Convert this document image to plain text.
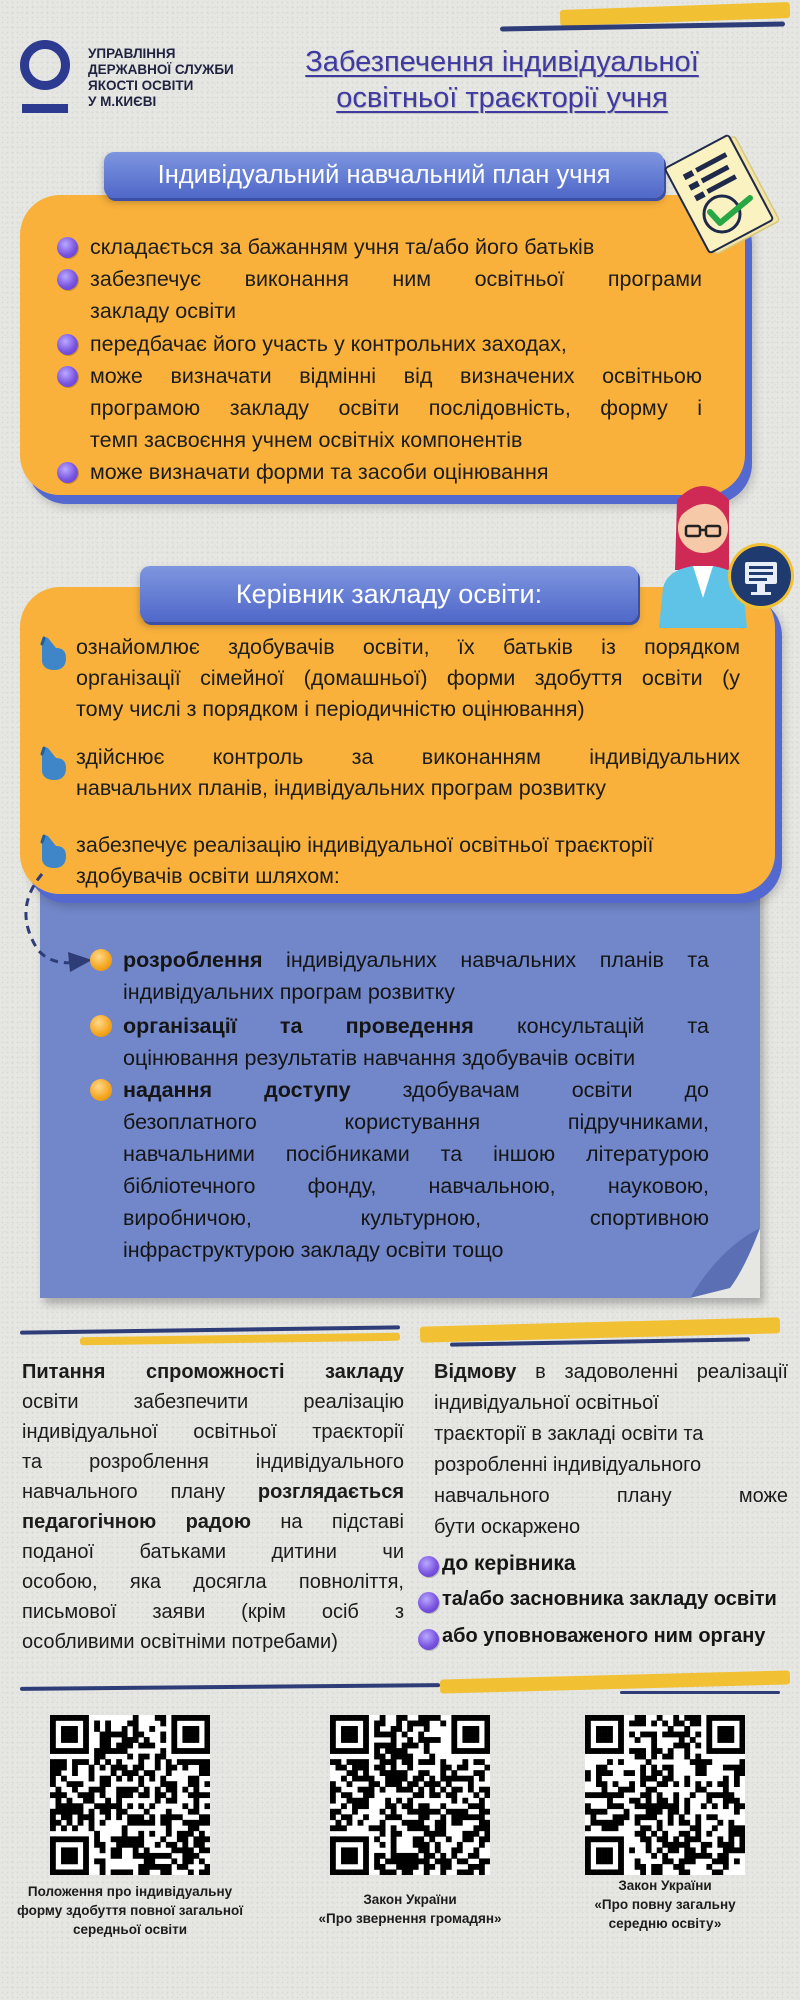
УПРАВЛІННЯ
ДЕРЖАВНОЇ СЛУЖБИ
ЯКОСТІ ОСВІТИ
У М.КИЄВІ
Забезпечення індивідуальної
освітньої траєкторії учня
Індивідуальний навчальний план учня
складається за бажанням учня та/або його батьків
забезпечує виконання ним освітньої програми
закладу освіти
передбачає його участь у контрольних заходах,
може визначати відмінні від визначених освітньою
програмою закладу освіти послідовність, форму і
темп засвоєння учнем освітніх компонентів
може визначати форми та засоби оцінювання
Керівник закладу освіти:
ознайомлює здобувачів освіти, їх батьків із порядком
організації сімейної (домашньої) форми здобуття освіти (у
тому числі з порядком і періодичністю оцінювання)
здійснює контроль за виконанням індивідуальних
навчальних планів, індивідуальних програм розвитку
забезпечує реалізацію індивідуальної освітньої траєкторії
здобувачів освіти шляхом:
розроблення індивідуальних навчальних планів та
індивідуальних програм розвитку
організації та проведення консультацій та
оцінювання результатів навчання здобувачів освіти
надання доступу здобувачам освіти до
безоплатного користування підручниками,
навчальними посібниками та іншою літературою
бібліотечного фонду, навчальною, науковою,
виробничою, культурною, спортивною
інфраструктурою закладу освіти тощо
Питання спроможності закладу
освіти забезпечити реалізацію
індивідуальної освітньої траєкторії
та розроблення індивідуального
навчального плану розглядається
педагогічною радою на підставі
поданої батьками дитини чи
особою, яка досягла повноліття,
письмової заяви (крім осіб з
особливими освітніми потребами)
Відмову в задоволенні реалізації
індивідуальної освітньої
траєкторії в закладі освіти та
розробленні індивідуального
навчального плану може
бути оскаржено
до керівника
та/або засновника закладу освіти
або уповноваженого ним органу
Положення про індивідуальну
форму здобуття повної загальної
середньої освіти
Закон України
«Про звернення громадян»
Закон України
«Про повну загальну
середню освіту»
